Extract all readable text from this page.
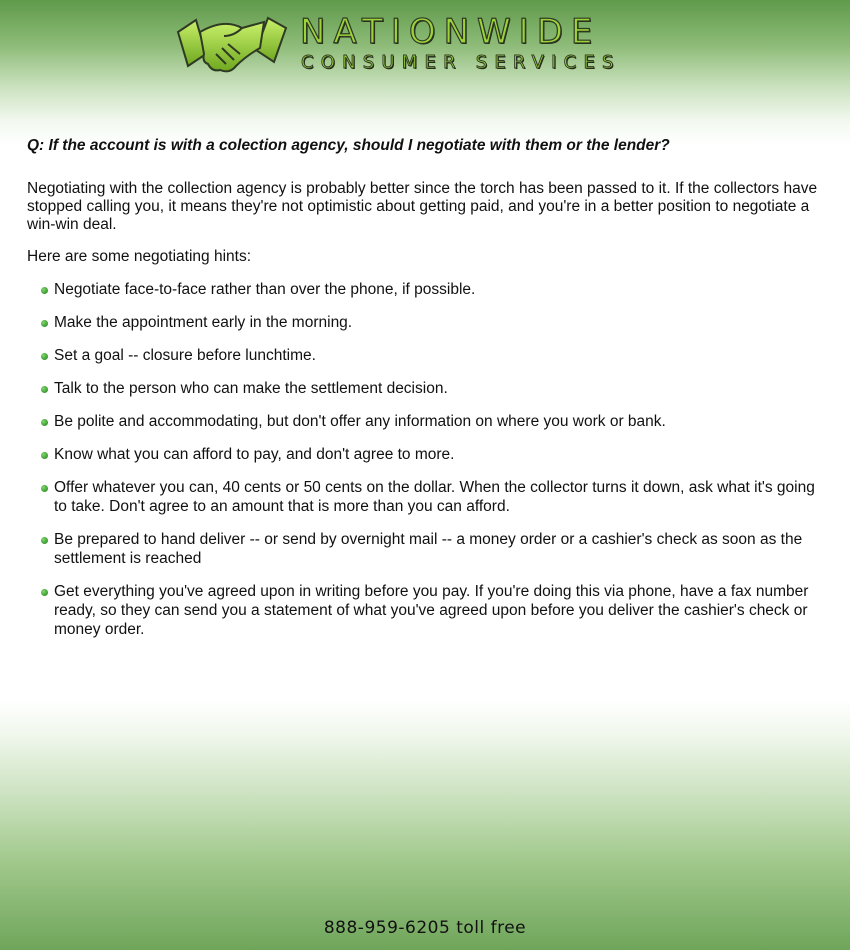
NATIONWIDE
CONSUMER SERVICES

Q: If the account is with a colection agency, should I negotiate with them or the lender?

Negotiating with the collection agency is probably better since the torch has been passed to it. If the collectors have stopped calling you, it means they're not optimistic about getting paid, and you're in a better position to negotiate a win-win deal.

Here are some negotiating hints:

Negotiate face-to-face rather than over the phone, if possible.
Make the appointment early in the morning.
Set a goal -- closure before lunchtime.
Talk to the person who can make the settlement decision.
Be polite and accommodating, but don't offer any information on where you work or bank.
Know what you can afford to pay, and don't agree to more.
Offer whatever you can, 40 cents or 50 cents on the dollar. When the collector turns it down, ask what it's going to take. Don't agree to an amount that is more than you can afford.
Be prepared to hand deliver -- or send by overnight mail -- a money order or a cashier's check as soon as the settlement is reached
Get everything you've agreed upon in writing before you pay. If you're doing this via phone, have a fax number ready, so they can send you a statement of what you've agreed upon before you deliver the cashier's check or money order.
888-959-6205 toll free
